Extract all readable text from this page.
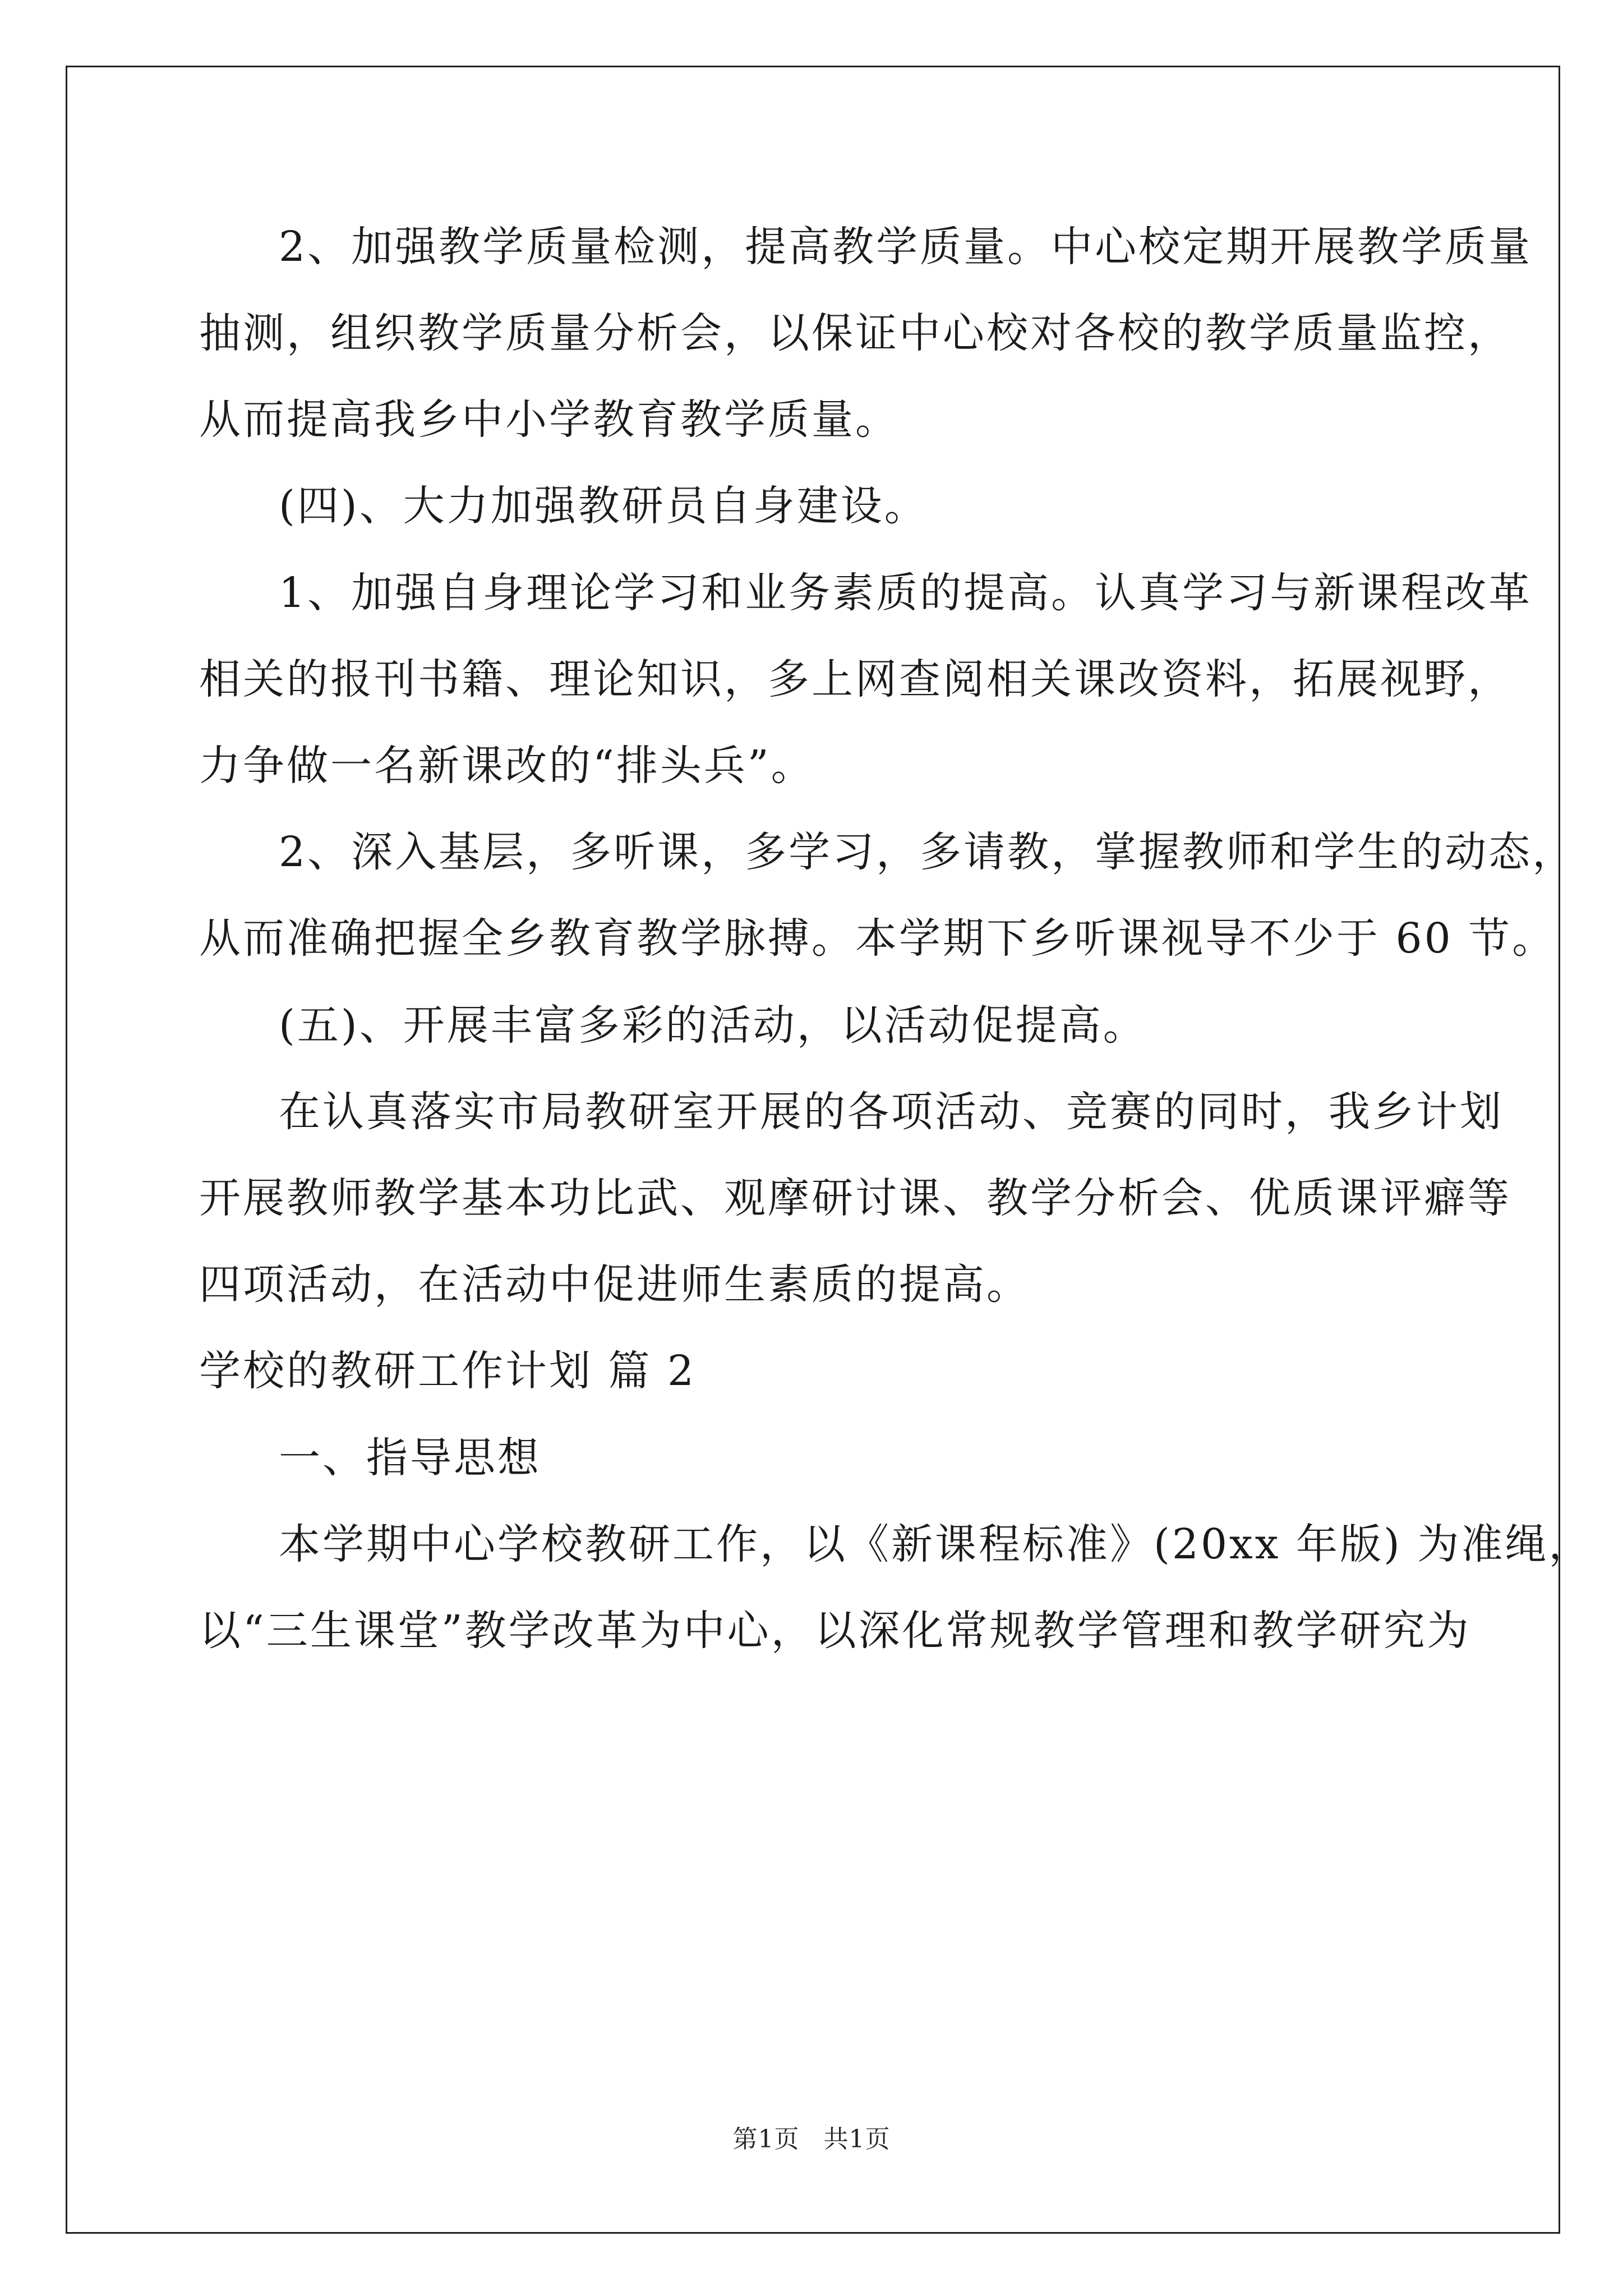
2、加强教学质量检测，提高教学质量。中心校定期开展教学质量
抽测，组织教学质量分析会，以保证中心校对各校的教学质量监控，
从而提高我乡中小学教育教学质量。
(四)、大力加强教研员自身建设。
1、加强自身理论学习和业务素质的提高。认真学习与新课程改革
相关的报刊书籍、理论知识，多上网查阅相关课改资料，拓展视野，
力争做一名新课改的“排头兵”。
2、深入基层，多听课，多学习，多请教，掌握教师和学生的动态，
从而准确把握全乡教育教学脉搏。本学期下乡听课视导不少于 60 节。
(五)、开展丰富多彩的活动，以活动促提高。
在认真落实市局教研室开展的各项活动、竞赛的同时，我乡计划
开展教师教学基本功比武、观摩研讨课、教学分析会、优质课评癖等
四项活动，在活动中促进师生素质的提高。
学校的教研工作计划 篇 2
一、指导思想
本学期中心学校教研工作，以《新课程标准》(20xx 年版) 为准绳，
以“三生课堂”教学改革为中心，以深化常规教学管理和教学研究为
第1页 共1页
